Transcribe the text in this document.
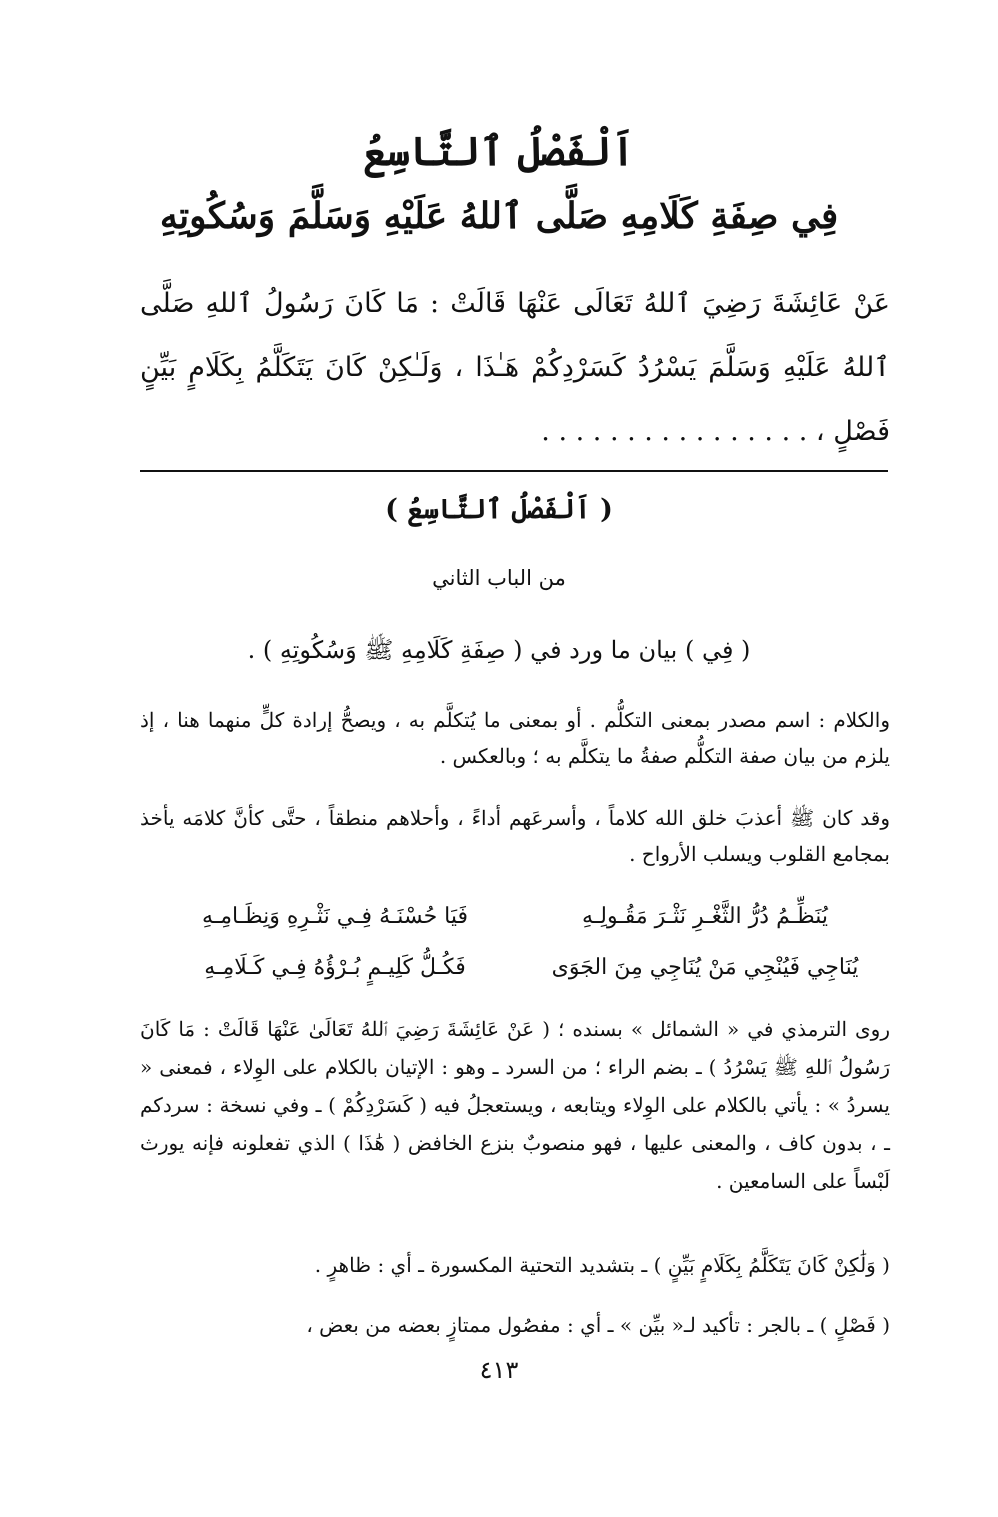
اَلْفَصْلُ ٱلتَّاسِعُ
فِي صِفَةِ كَلَامِهِ صَلَّى ٱللهُ عَلَيْهِ وَسَلَّمَ وَسُكُوتِهِ
عَنْ عَائِشَةَ رَضِيَ ٱللهُ تَعَالَى عَنْهَا قَالَتْ : مَا كَانَ رَسُولُ ٱللهِ صَلَّى ٱللهُ عَلَيْهِ وَسَلَّمَ يَسْرُدُ كَسَرْدِكُمْ هَـٰذَا ، وَلَـٰكِنْ كَانَ يَتَكَلَّمُ بِكَلَامٍ بَيِّنٍ فَصْلٍ ، . . . . . . . . . . . . . . . .
( اَلْفَصْلُ ٱلتَّاسِعُ )
من الباب الثاني
( فِي ) بيان ما ورد في ( صِفَةِ كَلَامِهِ ﷺ وَسُكُوتِهِ ) .
والكلام : اسم مصدر بمعنى التكلُّم . أو بمعنى ما يُتكلَّم به ، ويصحُّ إرادة كلٍّ منهما هنا ، إذ يلزم من بيان صفة التكلُّم صفةُ ما يتكلَّم به ؛ وبالعكس .
وقد كان ﷺ أعذبَ خلق الله كلاماً ، وأسرعَهم أداءً ، وأحلاهم منطقاً ، حتَّى كأنَّ كلامَه يأخذ بمجامع القلوب ويسلب الأرواح .
يُنَظِّـمُ دُرُّ الثَّغْـرِ نَثْـرَ مَقُـولِـهِ
فَيَا حُسْنَـهُ فِـي نَثْـرِهِ وَنِظَـامِـهِ
يُنَاجِي فَيُنْجِي مَنْ يُنَاجِي مِنَ الجَوَى
فَكُـلُّ كَلِيـمٍ بُـرْؤُهُ فِـي كَـلَامِـهِ
روى الترمذي في « الشمائل » بسنده ؛ ( عَنْ عَائِشَةَ رَضِيَ ٱللهُ تَعَالَىٰ عَنْهَا قَالَتْ : مَا كَانَ رَسُولُ ٱللهِ ﷺ يَسْرُدُ ) ـ بضم الراء ؛ من السرد ـ وهو : الإتيان بالكلام على الوِلاء ، فمعنى « يسردُ » : يأتي بالكلام على الوِلاء ويتابعه ، ويستعجلُ فيه ( كَسَرْدِكُمْ ) ـ وفي نسخة : سردكم ـ ، بدون كاف ، والمعنى عليها ، فهو منصوبٌ بنزع الخافض ( هَٰذَا ) الذي تفعلونه فإنه يورث لَبْساً على السامعين .
( وَلَٰكِنْ كَانَ يَتَكَلَّمُ بِكَلَامٍ بَيِّنٍ ) ـ بتشديد التحتية المكسورة ـ أي : ظاهرٍ .
( فَصْلٍ ) ـ بالجر : تأكيد لـ« بيِّن » ـ أي : مفصُول ممتازٍ بعضه من بعض ،
٤١٣
